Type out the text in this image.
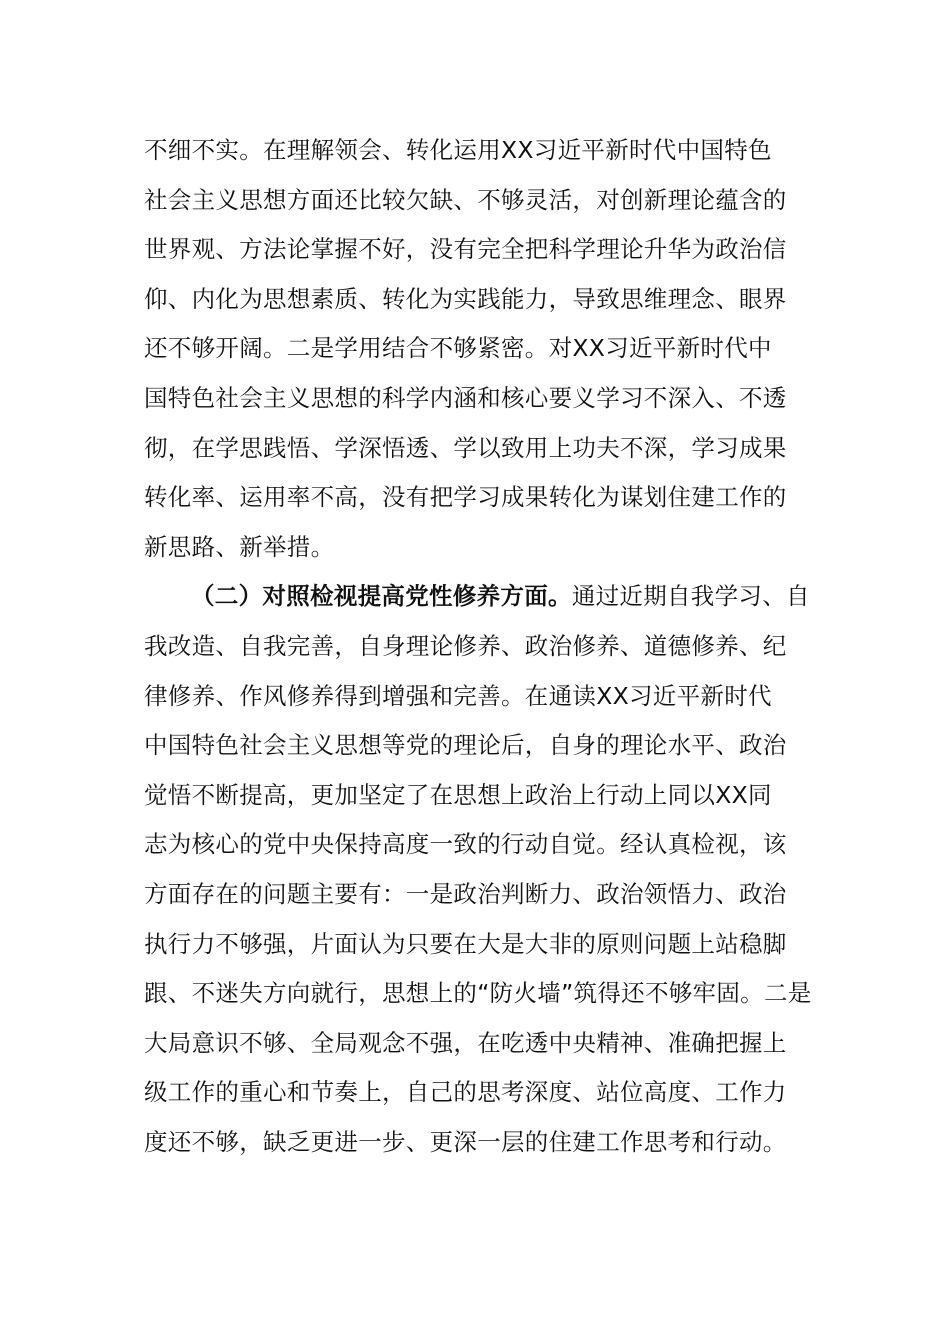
不细不实。在理解领会、转化运用XX习近平新时代中国特色
社会主义思想方面还比较欠缺、不够灵活，对创新理论蕴含的
世界观、方法论掌握不好，没有完全把科学理论升华为政治信
仰、内化为思想素质、转化为实践能力，导致思维理念、眼界
还不够开阔。二是学用结合不够紧密。对XX习近平新时代中
国特色社会主义思想的科学内涵和核心要义学习不深入、不透
彻，在学思践悟、学深悟透、学以致用上功夫不深，学习成果
转化率、运用率不高，没有把学习成果转化为谋划住建工作的
新思路、新举措。
（二）对照检视提高党性修养方面。通过近期自我学习、自
我改造、自我完善，自身理论修养、政治修养、道德修养、纪
律修养、作风修养得到增强和完善。在通读XX习近平新时代
中国特色社会主义思想等党的理论后，自身的理论水平、政治
觉悟不断提高，更加坚定了在思想上政治上行动上同以XX同
志为核心的党中央保持高度一致的行动自觉。经认真检视，该
方面存在的问题主要有：一是政治判断力、政治领悟力、政治
执行力不够强，片面认为只要在大是大非的原则问题上站稳脚
跟、不迷失方向就行，思想上的“防火墙”筑得还不够牢固。二是
大局意识不够、全局观念不强，在吃透中央精神、准确把握上
级工作的重心和节奏上，自己的思考深度、站位高度、工作力
度还不够，缺乏更进一步、更深一层的住建工作思考和行动。
